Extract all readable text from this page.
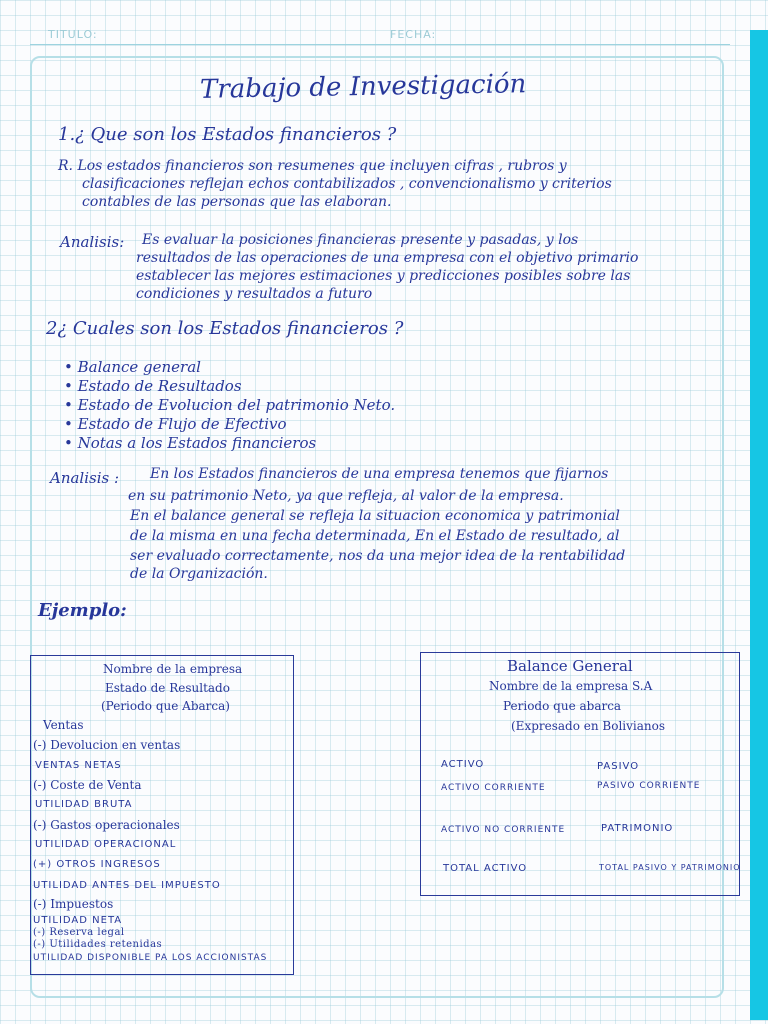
TITULO:	FECHA:
Trabajo de Investigación
1.¿ Que son los Estados financieros ?
R. Los estados financieros son resumenes que incluyen cifras , rubros y
clasificaciones reflejan echos contabilizados , convencionalismo y criterios
contables de las personas que las elaboran.
Analisis: Es evaluar la posiciones financieras presente y pasadas, y los
resultados de las operaciones de una empresa con el objetivo primario
establecer las mejores estimaciones y predicciones posibles sobre las
condiciones y resultados a futuro
2¿ Cuales son los Estados financieros ?
• Balance general
• Estado de Resultados
• Estado de Evolucion del patrimonio Neto.
• Estado de Flujo de Efectivo
• Notas a los Estados financieros
Analisis : En los Estados financieros de una empresa tenemos que fijarnos
en su patrimonio Neto, ya que refleja, al valor de la empresa.
En el balance general se refleja la situacion economica y patrimonial
de la misma en una fecha determinada, En el Estado de resultado, al
ser evaluado correctamente, nos da una mejor idea de la rentabilidad
de la Organización.
Ejemplo:
Nombre de la empresa
Estado de Resultado
(Periodo que Abarca)
Ventas
(-) Devolucion en ventas
VENTAS NETAS
(-) Coste de Venta
UTILIDAD BRUTA
(-) Gastos operacionales
UTILIDAD OPERACIONAL
(+) OTROS INGRESOS
UTILIDAD ANTES DEL IMPUESTO
(-) Impuestos
UTILIDAD NETA
(-) Reserva legal
(-) Utilidades retenidas
UTILIDAD DISPONIBLE PA LOS ACCIONISTAS
Balance General
Nombre de la empresa S.A
Periodo que abarca
(Expresado en Bolivianos
ACTIVO
ACTIVO CORRIENTE
ACTIVO NO CORRIENTE
TOTAL ACTIVO
PASIVO
PASIVO CORRIENTE
PATRIMONIO
TOTAL PASIVO Y PATRIMONIO
